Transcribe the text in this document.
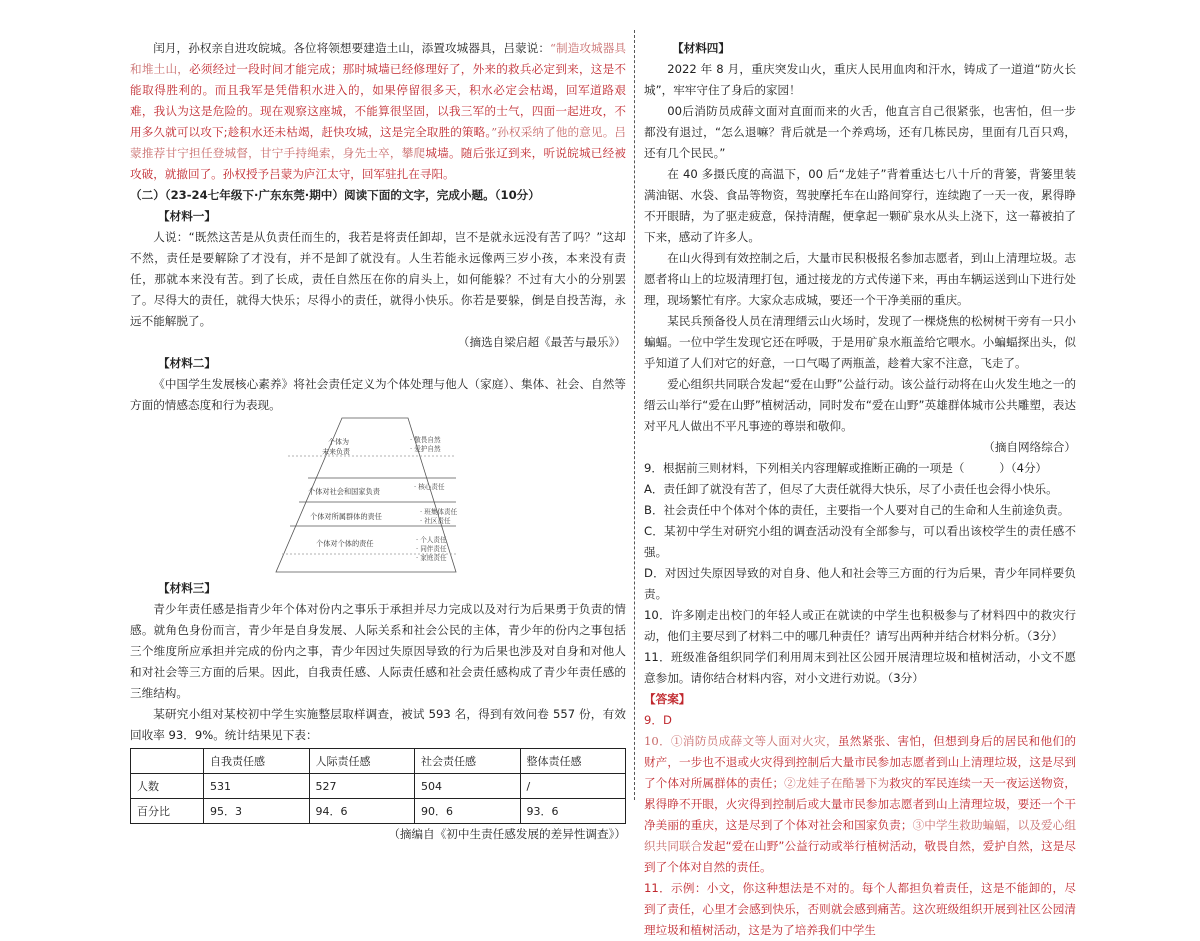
闰月，孙权亲自进攻皖城。各位将领想要建造土山，添置攻城器具，吕蒙说：“制造攻城器具和堆土山，必须经过一段时间才能完成；那时城墙已经修理好了，外来的救兵必定到来，这是不能取得胜利的。而且我军是凭借积水进入的，如果停留很多天，积水必定会枯竭，回军道路艰难，我认为这是危险的。现在观察这座城，不能算很坚固，以我三军的士气，四面一起进攻，不用多久就可以攻下;趁积水还未枯竭，赶快攻城，这是完全取胜的策略。”孙权采纳了他的意见。吕蒙推荐甘宁担任登城督，甘宁手持绳索，身先士卒，攀爬城墙。随后张辽到来，听说皖城已经被攻破，就撤回了。孙权授予吕蒙为庐江太守，回军驻扎在寻阳。

（二）（23-24七年级下·广东东莞·期中）阅读下面的文字，完成小题。（10分）

【材料一】

人说：“既然这苦是从负责任而生的，我若是将责任卸却，岂不是就永远没有苦了吗？”这却不然，责任是要解除了才没有，并不是卸了就没有。人生若能永远像两三岁小孩，本来没有责任，那就本来没有苦。到了长成，责任自然压在你的肩头上，如何能躲？不过有大小的分别罢了。尽得大的责任，就得大快乐；尽得小的责任，就得小快乐。你若是要躲，倒是自投苦海，永远不能解脱了。

（摘选自梁启超《最苦与最乐》）

【材料二】

《中国学生发展核心素养》将社会责任定义为个体处理与他人（家庭）、集体、社会、自然等方面的情感态度和行为表现。

个体为
未来负责
个体对社会和国家负责
个体对所属群体的责任
个体对个体的责任
· 敬畏自然
· 爱护自然
· 核心责任
· 班集体责任
· 社区责任
· 个人责任
· 同伴责任
· 家庭责任

【材料三】

青少年责任感是指青少年个体对份内之事乐于承担并尽力完成以及对行为后果勇于负责的情感。就角色身份而言，青少年是自身发展、人际关系和社会公民的主体，青少年的份内之事包括三个维度所应承担并完成的份内之事，青少年因过失原因导致的行为后果也涉及对自身和对他人和对社会等三方面的后果。因此，自我责任感、人际责任感和社会责任感构成了青少年责任感的三维结构。

某研究小组对某校初中学生实施整层取样调查，被试 593 名，得到有效问卷 557 份，有效回收率 93．9%。统计结果见下表：

	自我责任感	人际责任感	社会责任感	整体责任感
人数	531	527	504	/
百分比	95．3	94．6	90．6	93．6

（摘编自《初中生责任感发展的差异性调查》）

【材料四】

2022 年 8 月，重庆突发山火，重庆人民用血肉和汗水，铸成了一道道“防火长城”，牢牢守住了身后的家园！

00后消防员成薛文面对直面而来的火舌，他直言自己很紧张，也害怕，但一步都没有退过，“怎么退嘛？背后就是一个养鸡场，还有几栋民房，里面有几百只鸡，还有几个民民。”

在 40 多摄氏度的高温下，00 后“龙娃子”背着重达七八十斤的背篓，背篓里装满油锯、水袋、食品等物资，驾驶摩托车在山路间穿行，连续跑了一天一夜，累得睁不开眼睛，为了驱走疲意，保持清醒，便拿起一颗矿泉水从头上浇下，这一幕被拍了下来，感动了许多人。

在山火得到有效控制之后，大量市民积极报名参加志愿者，到山上清理垃圾。志愿者将山上的垃圾清理打包，通过接龙的方式传递下来，再由车辆运送到山下进行处理，现场繁忙有序。大家众志成城，要还一个干净美丽的重庆。

某民兵预备役人员在清理缙云山火场时，发现了一棵烧焦的松树树干旁有一只小蝙蝠。一位中学生发现它还在呼吸，于是用矿泉水瓶盖给它喂水。小蝙蝠探出头，似乎知道了人们对它的好意，一口气喝了两瓶盖，趁着大家不注意，飞走了。

爱心组织共同联合发起“爱在山野”公益行动。该公益行动将在山火发生地之一的缙云山举行“爱在山野”植树活动，同时发布“爱在山野”英雄群体城市公共雕塑，表达对平凡人做出不平凡事迹的尊崇和敬仰。

（摘自网络综合）

9．根据前三则材料，下列相关内容理解或推断正确的一项是（　　　）（4分）

A．责任卸了就没有苦了，但尽了大责任就得大快乐，尽了小责任也会得小快乐。

B．社会责任中个体对个体的责任，主要指一个人要对自己的生命和人生前途负责。

C．某初中学生对研究小组的调查活动没有全部参与，可以看出该校学生的责任感不强。

D．对因过失原因导致的对自身、他人和社会等三方面的行为后果，青少年同样要负责。

10．许多刚走出校门的年轻人或正在就读的中学生也积极参与了材料四中的救灾行动，他们主要尽到了材料二中的哪几种责任？请写出两种并结合材料分析。（3分）

11．班级准备组织同学们利用周末到社区公园开展清理垃圾和植树活动，小文不愿意参加。请你结合材料内容，对小文进行劝说。（3分）

【答案】

9．D

10．①消防员成薛文等人面对火灾，虽然紧张、害怕，但想到身后的居民和他们的财产，一步也不退或火灾得到控制后大量市民参加志愿者到山上清理垃圾，这是尽到了个体对所属群体的责任；②龙娃子在酷暑下为救灾的军民连续一天一夜运送物资，累得睁不开眼，火灾得到控制后或大量市民参加志愿者到山上清理垃圾，要还一个干净美丽的重庆，这是尽到了个体对社会和国家负责；③中学生救助蝙蝠，以及爱心组织共同联合发起“爱在山野”公益行动或举行植树活动，敬畏自然，爱护自然，这是尽到了个体对自然的责任。

11．示例：小文，你这种想法是不对的。每个人都担负着责任，这是不能卸的，尽到了责任，心里才会感到快乐，否则就会感到痛苦。这次班级组织开展到社区公园清理垃圾和植树活动，这是为了培养我们中学生
